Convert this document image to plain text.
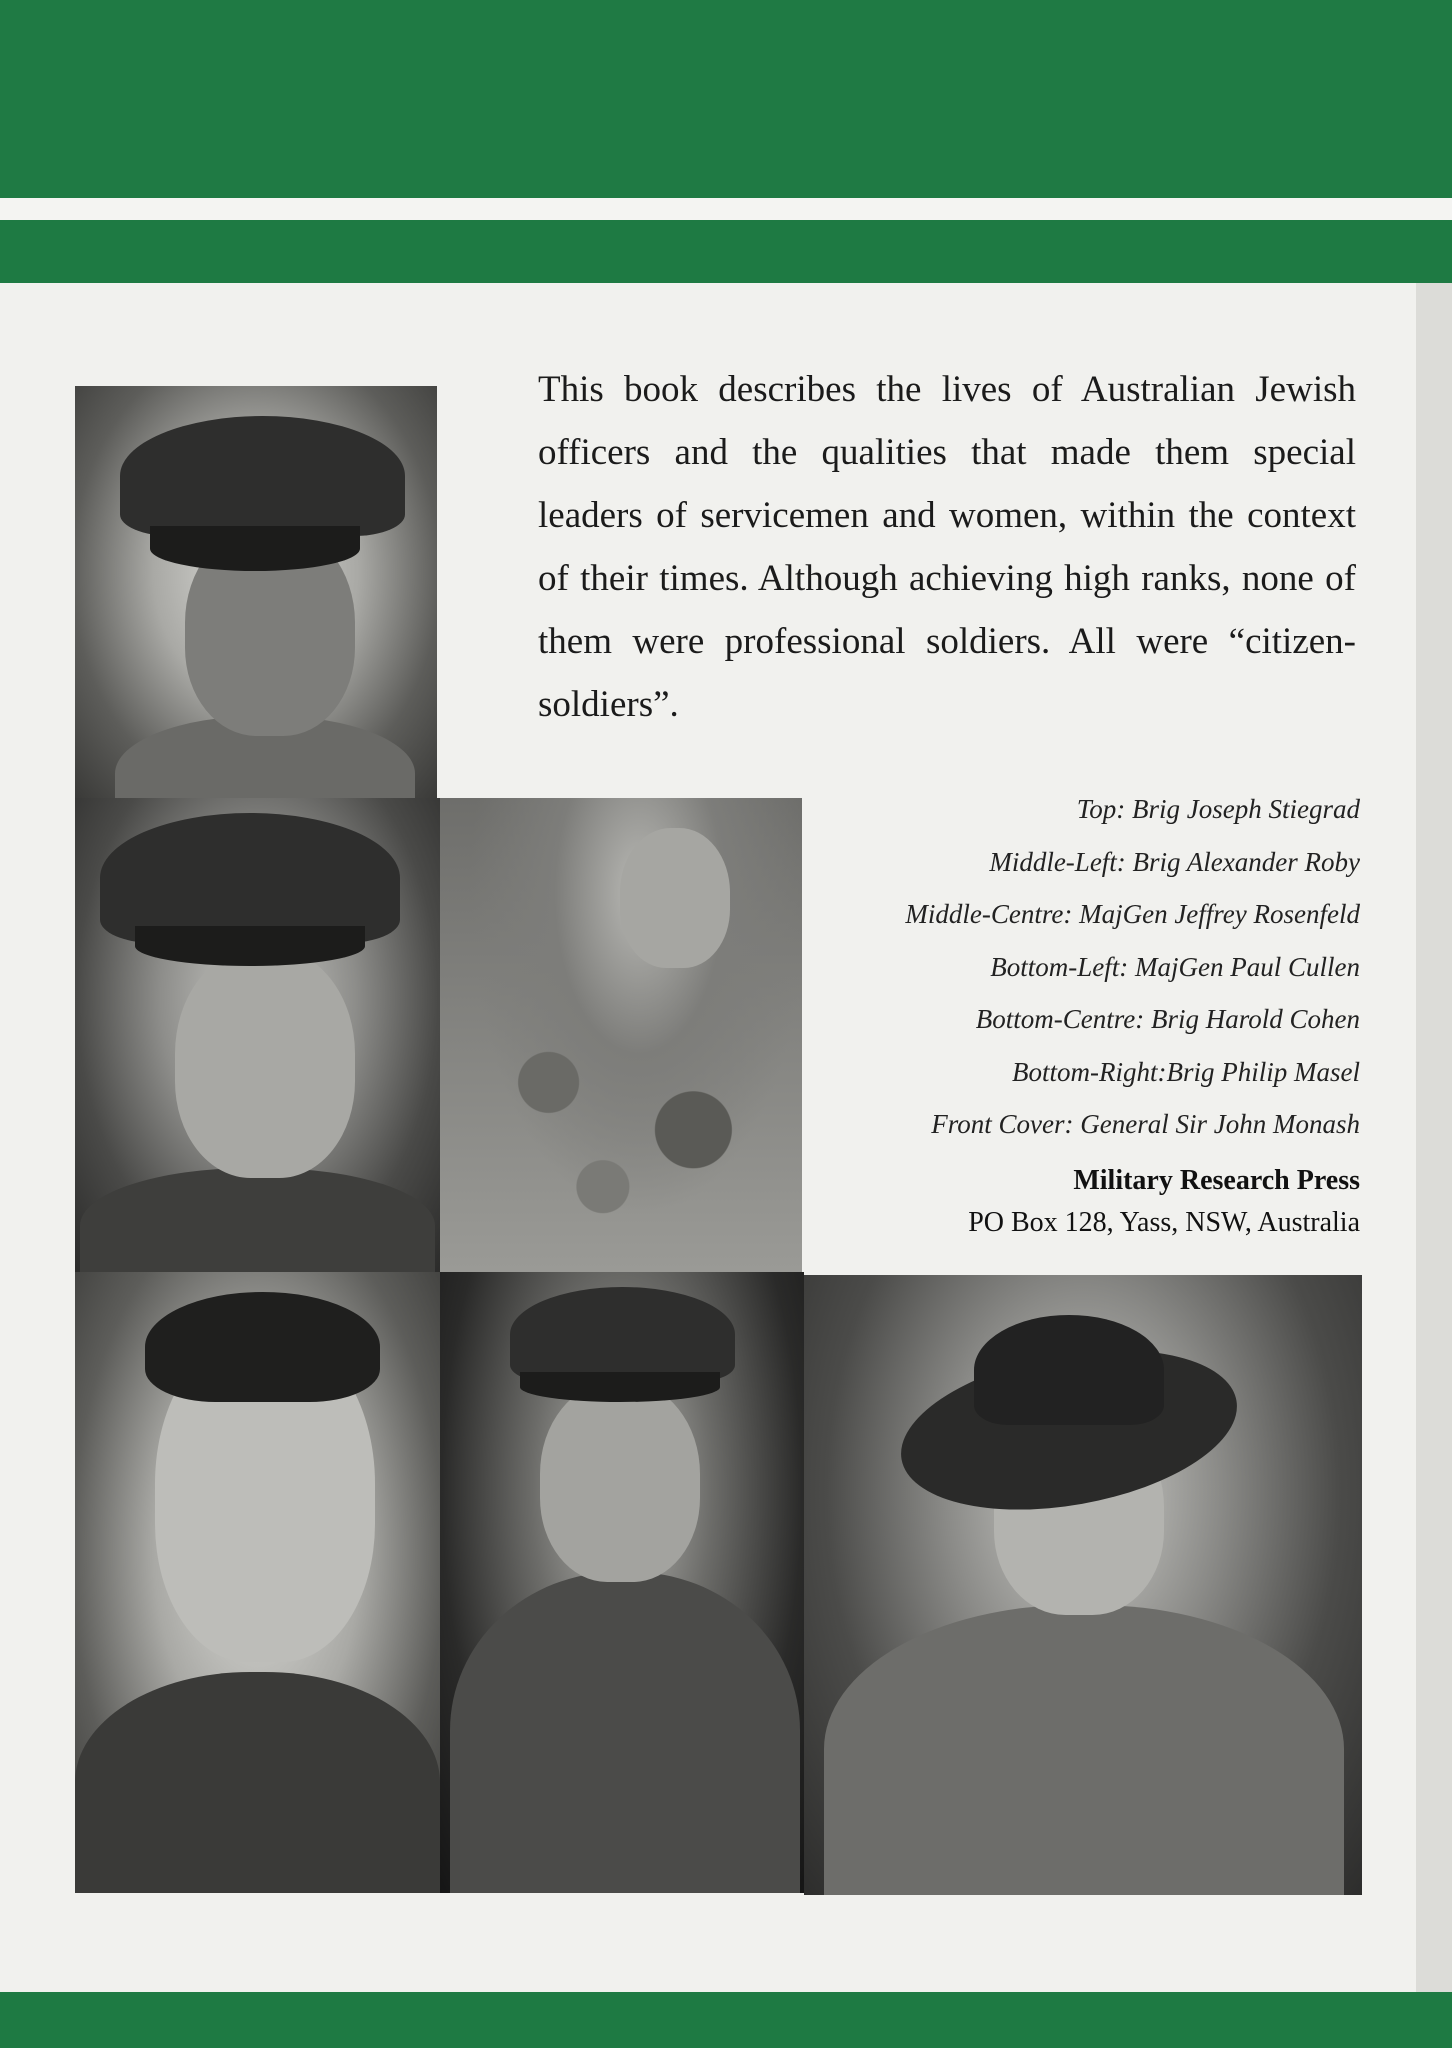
This book describes the lives of Australian Jewish officers and the qualities that made them special leaders of servicemen and women, within the context of their times. Although achieving high ranks, none of them were professional soldiers. All were “citizen-soldiers”.

Top: Brig Joseph Stiegrad
Middle-Left: Brig Alexander Roby
Middle-Centre: MajGen Jeffrey Rosenfeld
Bottom-Left: MajGen Paul Cullen
Bottom-Centre: Brig Harold Cohen
Bottom-Right:Brig Philip Masel
Front Cover: General Sir John Monash
Military Research Press
PO Box 128, Yass, NSW, Australia
